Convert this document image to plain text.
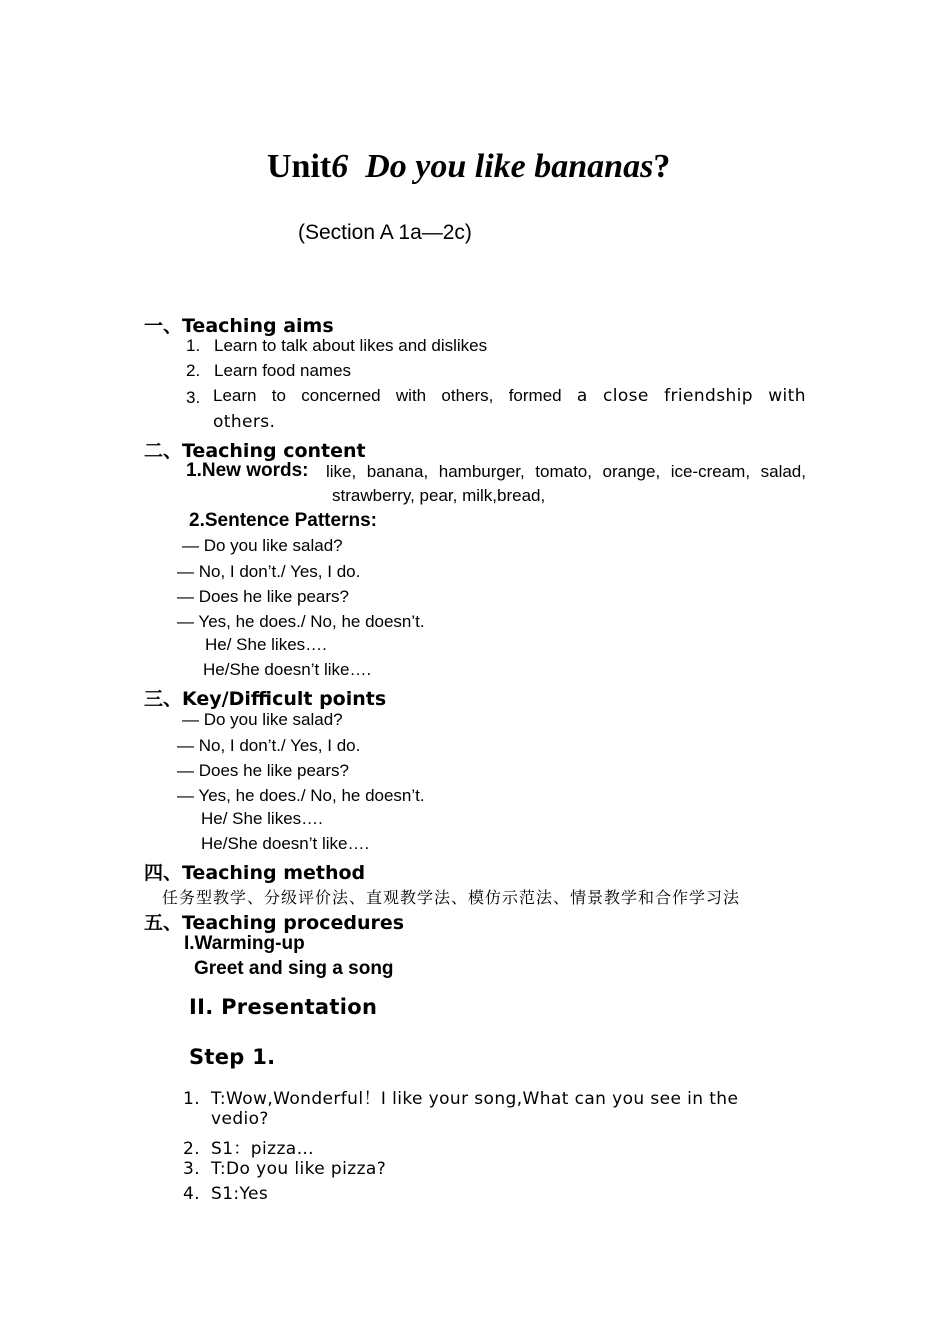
Unit6 Do you like bananas?
(Section A 1a—2c)
一、Teaching aims
1. Learn to talk about likes and dislikes
2. Learn food names
3. Learn to concerned with others, formed a close friendship with
others.
二、Teaching content
1.New words: like, banana, hamburger, tomato, orange, ice-cream, salad,
strawberry, pear, milk,bread,
2.Sentence Patterns:
— Do you like salad?
— No, I don’t./ Yes, I do.
— Does he like pears?
— Yes, he does./ No, he doesn’t.
He/ She likes….
He/She doesn’t like….
三、Key/Difficult points
— Do you like salad?
— No, I don’t./ Yes, I do.
— Does he like pears?
— Yes, he does./ No, he doesn’t.
He/ She likes….
He/She doesn’t like….
四、Teaching method
任务型教学、分级评价法、直观教学法、模仿示范法、情景教学和合作学习法
五、Teaching procedures
I.Warming-up
Greet and sing a song
II. Presentation
Step 1.
1. T:Wow,Wonderful！I like your song,What can you see in the
vedio?
2. S1：pizza…
3. T:Do you like pizza?
4. S1:Yes
